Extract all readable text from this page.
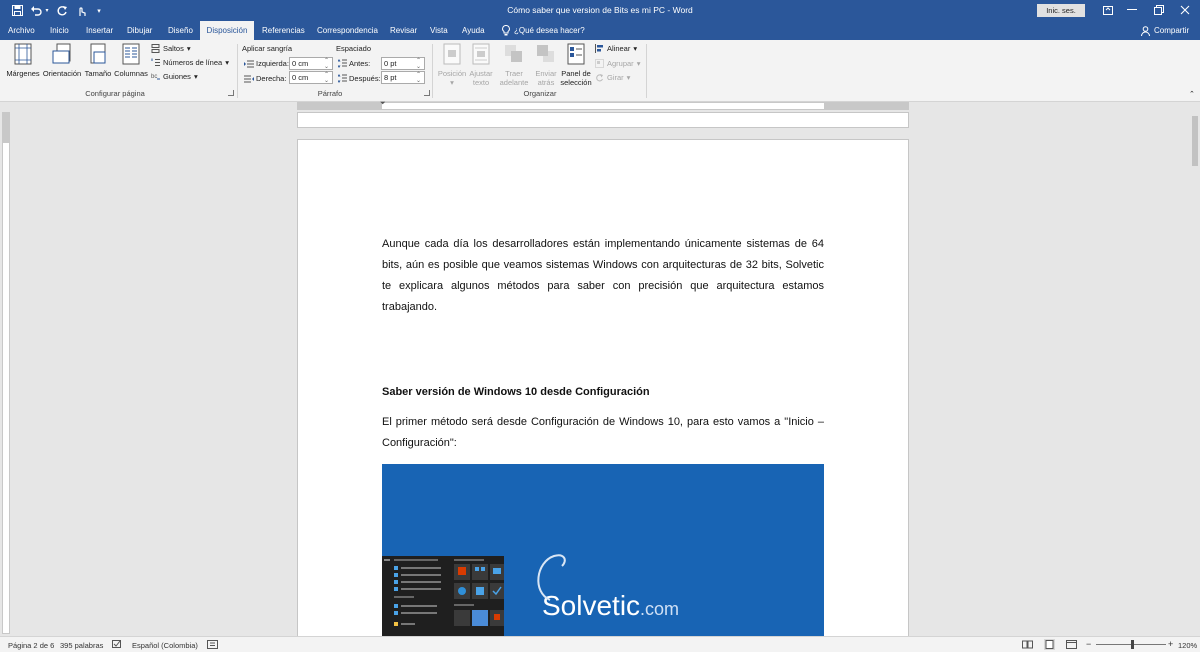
▾	▾	Cómo saber que version de Bits es mi PC - Word	Inic. ses.
Archivo Inicio Insertar Dibujar Diseño	Disposición	Referencias Correspondencia Revisar Vista Ayuda	¿Qué desea hacer?	Compartir
Márgenes Orientación Tamaño Columnas
Saltos ▾
Números de línea ▾
bc Guiones ▾
Configurar página
Aplicar sangría
Izquierda: 0 cm ⌃⌄
Derecha: 0 cm ⌃⌄
Espaciado
Antes:	0 pt ⌃⌄
Después: 8 pt ⌃⌄
Párrafo
Posición
▾
Ajustar
texto
Traer
adelante
Enviar
atrás
Panel de
selección
Alinear ▾
Agrupar ▾
Girar ▾
Organizar	⌃
⏷
Aunque cada día los desarrolladores están implementando únicamente sistemas de 64 bits, aún es posible que veamos sistemas Windows con arquitecturas de 32 bits, Solvetic te explicara algunos métodos para saber con precisión que arquitectura estamos trabajando.
Saber versión de Windows 10 desde Configuración
El primer método será desde Configuración de Windows 10, para esto vamos a "Inicio – Configuración":
Solvetic.com
Página 2 de 6 395 palabras	Español (Colombia)	−	+ 120%
